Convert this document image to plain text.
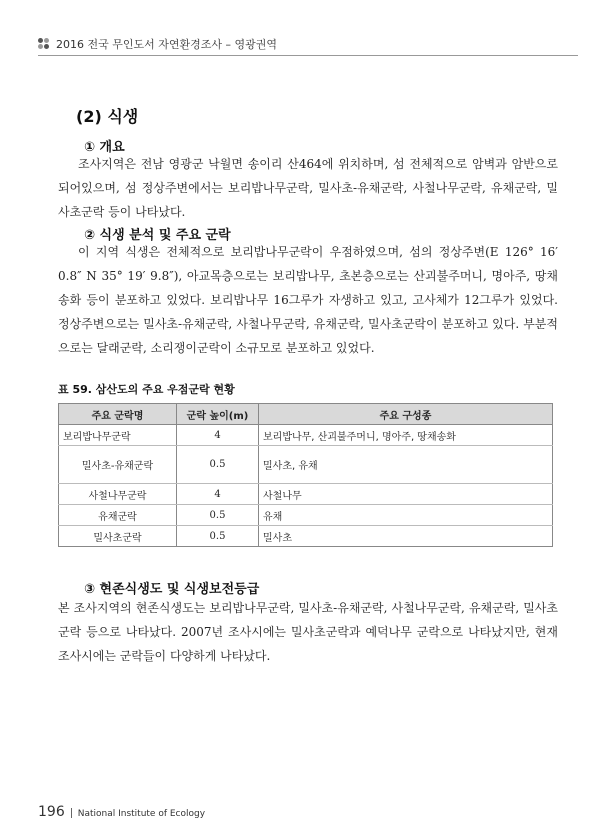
2016 전국 무인도서 자연환경조사 – 영광권역
(2) 식생
① 개요
조사지역은 전남 영광군 낙월면 송이리 산464에 위치하며, 섬 전체적으로 암벽과 암반으로 되어있으며, 섬 정상주변에서는 보리밥나무군락, 밀사초-유채군락, 사철나무군락, 유채군락, 밀사초군락 등이 나타났다.
② 식생 분석 및 주요 군락
이 지역 식생은 전체적으로 보리밥나무군락이 우점하였으며, 섬의 정상주변(E 126° 16′ 0.8″ N 35° 19′ 9.8″), 아교목층으로는 보리밥나무, 초본층으로는 산괴불주머니, 명아주, 땅채송화 등이 분포하고 있었다. 보리밥나무 16그루가 자생하고 있고, 고사체가 12그루가 있었다. 정상주변으로는 밀사초-유채군락, 사철나무군락, 유채군락, 밀사초군락이 분포하고 있다. 부분적으로는 달래군락, 소리쟁이군락이 소규모로 분포하고 있었다.
표 59. 삼산도의 주요 우점군락 현황
주요 군락명	군락 높이(m)	주요 구성종
보리밥나무군락	4	보리밥나무, 산괴불주머니, 명아주, 땅채송화
밀사초-유채군락	0.5	밀사초, 유채
사철나무군락	4	사철나무
유채군락	0.5	유채
밀사초군락	0.5	밀사초
③ 현존식생도 및 식생보전등급
본 조사지역의 현존식생도는 보리밥나무군락, 밀사초-유채군락, 사철나무군락, 유채군락, 밀사초군락 등으로 나타났다. 2007년 조사시에는 밀사초군락과 예덕나무 군락으로 나타났지만, 현재 조사시에는 군락들이 다양하게 나타났다.
196 National Institute of Ecology
